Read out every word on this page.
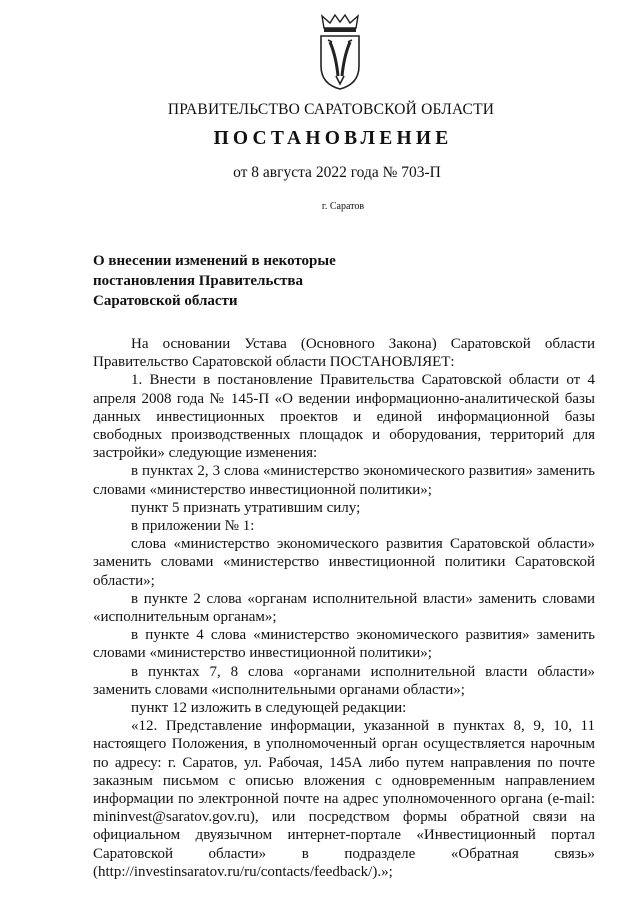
ПРАВИТЕЛЬСТВО САРАТОВСКОЙ ОБЛАСТИ
ПОСТАНОВЛЕНИЕ
от 8 августа 2022 года № 703-П
г. Саратов
О внесении изменений в некоторые
постановления Правительства
Саратовской области

На основании Устава (Основного Закона) Саратовской области Правительство Саратовской области ПОСТАНОВЛЯЕТ:

1. Внести в постановление Правительства Саратовской области от 4 апреля 2008 года № 145-П «О ведении информационно-аналитической базы данных инвестиционных проектов и единой информационной базы свободных производственных площадок и оборудования, территорий для застройки» следующие изменения:

в пунктах 2, 3 слова «министерство экономического развития» заменить словами «министерство инвестиционной политики»;

пункт 5 признать утратившим силу;

в приложении № 1:

слова «министерство экономического развития Саратовской области» заменить словами «министерство инвестиционной политики Саратовской области»;

в пункте 2 слова «органам исполнительной власти» заменить словами «исполнительным органам»;

в пункте 4 слова «министерство экономического развития» заменить словами «министерство инвестиционной политики»;

в пунктах 7, 8 слова «органами исполнительной власти области» заменить словами «исполнительными органами области»;

пункт 12 изложить в следующей редакции:

«12. Представление информации, указанной в пунктах 8, 9, 10, 11 настоящего Положения, в уполномоченный орган осуществляется нарочным по адресу: г. Саратов, ул. Рабочая, 145А либо путем направления по почте заказным письмом с описью вложения с одновременным направлением информации по электронной почте на адрес уполномоченного органа (e-mail: mininvest@saratov.gov.ru), или посредством формы обратной связи на официальном двуязычном интернет-портале «Инвестиционный портал Саратовской области» в подразделе «Обратная связь» (http://investinsaratov.ru/ru/contacts/feedback/).»;
